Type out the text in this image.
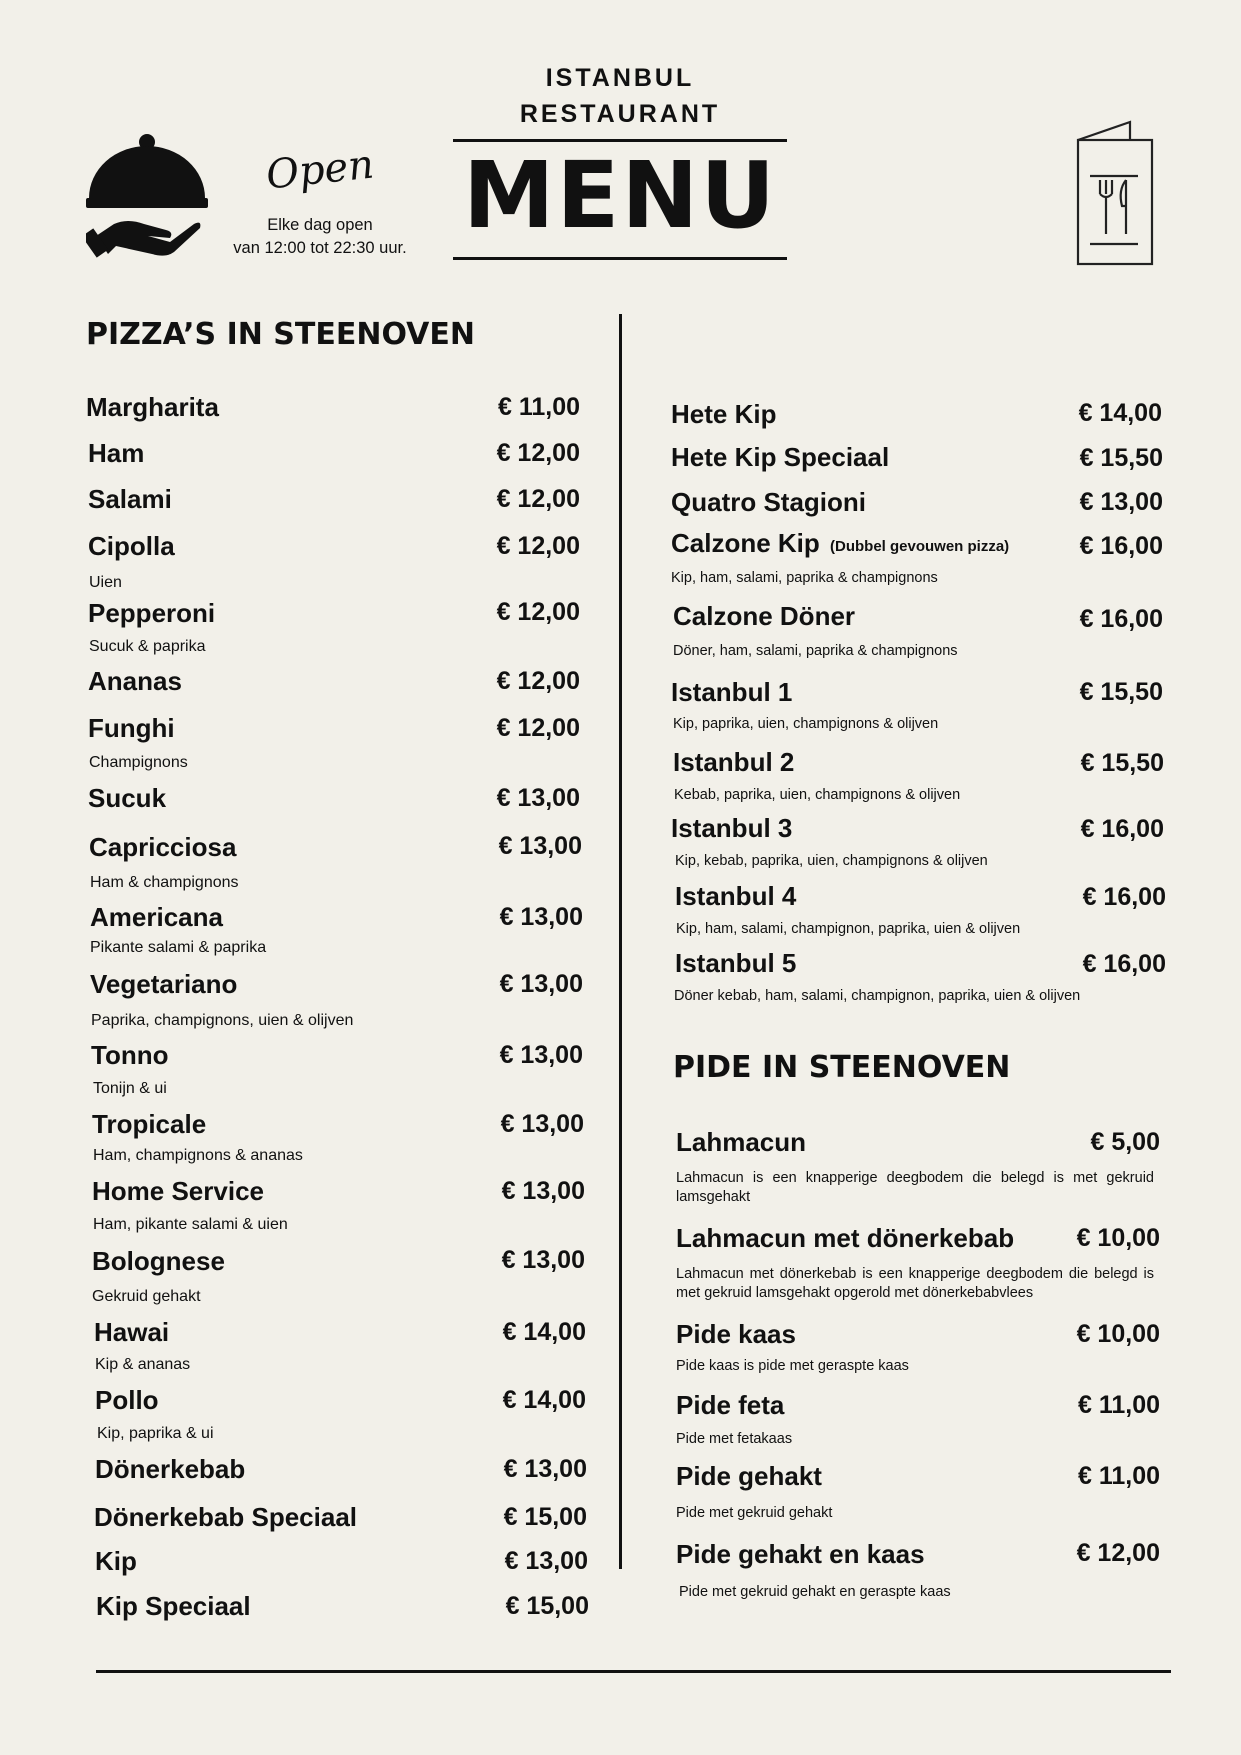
Open
Elke dag open
van 12:00 tot 22:30 uur.
ISTANBUL
RESTAURANT
MENU
PIZZA’S IN STEENOVEN
Margharita	€ 11,00
Ham	€ 12,00
Salami	€ 12,00
Cipolla	€ 12,00
Uien
Pepperoni	€ 12,00
Sucuk & paprika
Ananas	€ 12,00
Funghi	€ 12,00
Champignons
Sucuk	€ 13,00
Capricciosa	€ 13,00
Ham & champignons
Americana	€ 13,00
Pikante salami & paprika
Vegetariano	€ 13,00
Paprika, champignons, uien & olijven
Tonno	€ 13,00
Tonijn & ui
Tropicale	€ 13,00
Ham, champignons & ananas
Home Service	€ 13,00
Ham, pikante salami & uien
Bolognese	€ 13,00
Gekruid gehakt
Hawai	€ 14,00
Kip & ananas
Pollo	€ 14,00
Kip, paprika & ui
Dönerkebab	€ 13,00
Dönerkebab Speciaal	€ 15,00
Kip	€ 13,00
Kip Speciaal	€ 15,00
Hete Kip	€ 14,00
Hete Kip Speciaal	€ 15,50
Quatro Stagioni	€ 13,00
Calzone Kip (Dubbel gevouwen pizza)	€ 16,00
Kip, ham, salami, paprika & champignons
Calzone Döner	€ 16,00
Döner, ham, salami, paprika & champignons
Istanbul 1	€ 15,50
Kip, paprika, uien, champignons & olijven
Istanbul 2	€ 15,50
Kebab, paprika, uien, champignons & olijven
Istanbul 3	€ 16,00
Kip, kebab, paprika, uien, champignons & olijven
Istanbul 4	€ 16,00
Kip, ham, salami, champignon, paprika, uien & olijven
Istanbul 5	€ 16,00
Döner kebab, ham, salami, champignon, paprika, uien & olijven
PIDE IN STEENOVEN
Lahmacun	€ 5,00
Lahmacun is een knapperige deegbodem die belegd is met gekruid lamsgehakt
Lahmacun met dönerkebab	€ 10,00
Lahmacun met dönerkebab is een knapperige deegbodem die belegd is met gekruid lamsgehakt opgerold met dönerkebabvlees
Pide kaas	€ 10,00
Pide kaas is pide met geraspte kaas
Pide feta	€ 11,00
Pide met fetakaas
Pide gehakt	€ 11,00
Pide met gekruid gehakt
Pide gehakt en kaas	€ 12,00
Pide met gekruid gehakt en geraspte kaas
